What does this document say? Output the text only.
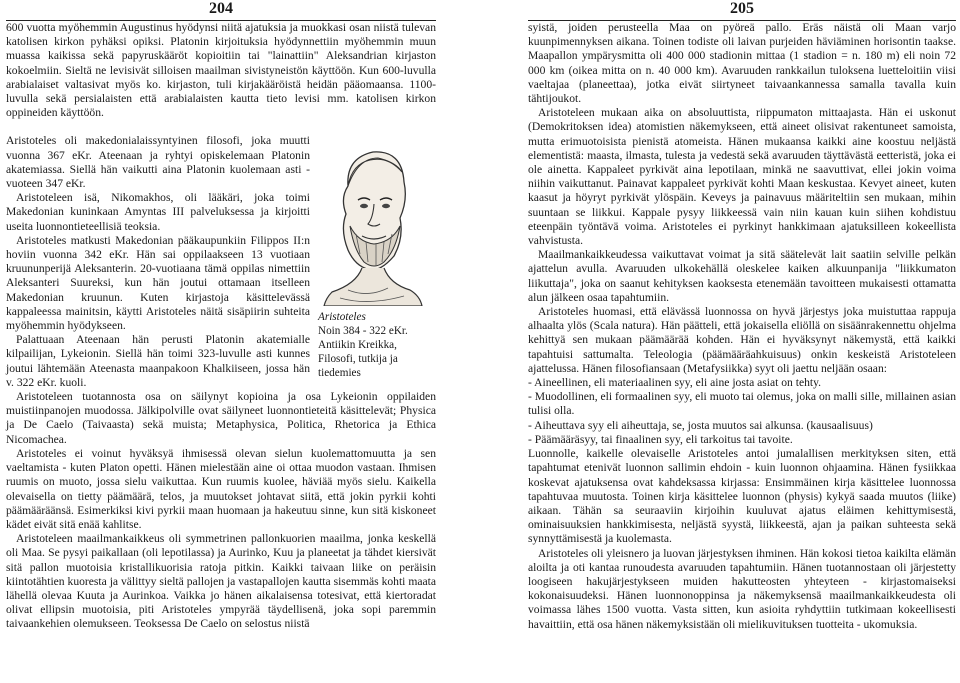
204

600 vuotta myöhemmin Augustinus hyödynsi niitä ajatuksia ja muokkasi osan niistä tulevan katolisen kirkon pyhäksi opiksi. Platonin kirjoituksia hyödynnettiin myöhemmin muun muassa kaikissa sekä papyruskääröt kopioitiin tai "lainattiin" Aleksandrian kirjaston kokoelmiin. Sieltä ne levisivät silloisen maailman sivistyneistön käyttöön. Kun 600-luvulla arabialaiset valtasivat myös ko. kirjaston, tuli kirjakääröistä heidän pääomaansa. 1100-luvulla sekä persialaisten että arabialaisten kautta tieto levisi mm. katolisen kirkon oppineiden käyttöön.

Aristoteles
Noin 384 - 322 eKr.
Antiikin Kreikka,
Filosofi, tutkija ja
tiedemies

Aristoteles oli makedonialaissyntyinen filosofi, joka muutti vuonna 367 eKr. Ateenaan ja ryhtyi opiskelemaan Platonin akatemiassa. Siellä hän vaikutti aina Platonin kuolemaan asti - vuoteen 347 eKr.

Aristoteleen isä, Nikomakhos, oli lääkäri, joka toimi Makedonian kuninkaan Amyntas III palveluksessa ja kirjoitti useita luonnontieteellisiä teoksia.

Aristoteles matkusti Makedonian pääkaupunkiin Filippos II:n hoviin vuonna 342 eKr. Hän sai oppilaakseen 13 vuotiaan kruununperijä Aleksanterin. 20-vuotiaana tämä oppilas nimettiin Aleksanteri Suureksi, kun hän joutui ottamaan itselleen Makedonian kruunun. Kuten kirjastoja käsittelevässä kappaleessa mainitsin, käytti Aristoteles näitä sisäpiirin suhteita myöhemmin hyödykseen.

Palattuaan Ateenaan hän perusti Platonin akatemialle kilpailijan, Lykeionin. Siellä hän toimi 323-luvulle asti kunnes joutui lähtemään Ateenasta maanpakoon Khalkiiseen, jossa hän v. 322 eKr. kuoli.

Aristoteleen tuotannosta osa on säilynyt kopioina ja osa Lykeionin oppilaiden muistiinpanojen muodossa. Jälkipolville ovat säilyneet luonnontieteitä käsittelevät; Physica ja De Caelo (Taivaasta) sekä muista; Metaphysica, Politica, Rhetorica ja Ethica Nicomachea.

Aristoteles ei voinut hyväksyä ihmisessä olevan sielun kuolemattomuutta ja sen vaeltamista - kuten Platon opetti. Hänen mielestään aine oi ottaa muodon vastaan. Ihmisen ruumis on muoto, jossa sielu vaikuttaa. Kun ruumis kuolee, häviää myös sielu. Kaikella olevaisella on tietty päämäärä, telos, ja muutokset johtavat siitä, että jokin pyrkii kohti päämääräänsä. Esimerkiksi kivi pyrkii maan huomaan ja hakeutuu sinne, kun sitä kiskoneet kädet eivät sitä enää kahlitse.

Aristoteleen maailmankaikkeus oli symmetrinen pallonkuorien maailma, jonka keskellä oli Maa. Se pysyi paikallaan (oli lepotilassa) ja Aurinko, Kuu ja planeetat ja tähdet kiersivät sitä pallon muotoisia kristallikuorisia ratoja pitkin. Kaikki taivaan liike on peräisin kiintotähtien kuoresta ja välittyy sieltä pallojen ja vastapallojen kautta sisemmäs kohti maata lähellä olevaa Kuuta ja Aurinkoa. Vaikka jo hänen aikalaisensa totesivat, että kiertoradat olivat ellipsin muotoisia, piti Aristoteles ympyrää täydellisenä, joka sopi paremmin taivaankehien olemukseen. Teoksessa De Caelo on selostus niistä

205

syistä, joiden perusteella Maa on pyöreä pallo. Eräs näistä oli Maan varjo kuunpimennyksen aikana. Toinen todiste oli laivan purjeiden häviäminen horisontin taakse. Maapallon ympärysmitta oli 400 000 stadionin mittaa (1 stadion = n. 180 m) eli noin 72 000 km (oikea mitta on n. 40 000 km). Avaruuden rankkailun tuloksena luetteloitiin viisi vaeltajaa (planeettaa), jotka eivät siirtyneet taivaankannessa samalla tavalla kuin tähtijoukot.

Aristoteleen mukaan aika on absoluuttista, riippumaton mittaajasta. Hän ei uskonut (Demokritoksen idea) atomistien näkemykseen, että aineet olisivat rakentuneet samoista, mutta erimuotoisista pienistä atomeista. Hänen mukaansa kaikki aine koostuu neljästä elementistä: maasta, ilmasta, tulesta ja vedestä sekä avaruuden täyttävästä eetteristä, joka ei ole ainetta. Kappaleet pyrkivät aina lepotilaan, minkä ne saavuttivat, ellei jokin voima niihin vaikuttanut. Painavat kappaleet pyrkivät kohti Maan keskustaa. Kevyet aineet, kuten kaasut ja höyryt pyrkivät ylöspäin. Keveys ja painavuus määriteltiin sen mukaan, mihin suuntaan se liikkui. Kappale pysyy liikkeessä vain niin kauan kuin siihen kohdistuu eteenpäin työntävä voima. Aristoteles ei pyrkinyt hankkimaan ajatuksilleen kokeellista vahvistusta.

Maailmankaikkeudessa vaikuttavat voimat ja sitä säätelevät lait saatiin selville pelkän ajattelun avulla. Avaruuden ulkokehällä oleskelee kaiken alkuunpanija "liikkumaton liikuttaja", joka on saanut kehityksen kaoksesta etenemään tavoitteen mukaisesti ottamatta alun jälkeen osaa tapahtumiin.

Aristoteles huomasi, että elävässä luonnossa on hyvä järjestys joka muistuttaa rappuja alhaalta ylös (Scala natura). Hän päätteli, että jokaisella eliöllä on sisäänrakennettu ohjelma kehittyä sen mukaan päämäärää kohden. Hän ei hyväksynyt näkemystä, että kaikki tapahtuisi sattumalta. Teleologia (päämääräahkuisuus) onkin keskeistä Aristoteleen ajattelussa. Hänen filosofiansaan (Metafysiikka) syyt oli jaettu neljään osaan:

- Aineellinen, eli materiaalinen syy, eli aine josta asiat on tehty.

- Muodollinen, eli formaalinen syy, eli muoto tai olemus, joka on malli sille, millainen asian tulisi olla.

- Aiheuttava syy eli aiheuttaja, se, josta muutos sai alkunsa. (kausaalisuus)

- Päämääräsyy, tai finaalinen syy, eli tarkoitus tai tavoite.

Luonnolle, kaikelle olevaiselle Aristoteles antoi jumalallisen merkityksen siten, että tapahtumat etenivät luonnon sallimin ehdoin - kuin luonnon ohjaamina. Hänen fysiikkaa koskevat ajatuksensa ovat kahdeksassa kirjassa: Ensimmäinen kirja käsittelee luonnossa tapahtuvaa muutosta. Toinen kirja käsittelee luonnon (physis) kykyä saada muutos (liike) aikaan. Tähän sa seuraaviin kirjoihin kuuluvat ajatus eläimen kehittymisestä, ominaisuuksien hankkimisesta, neljästä syystä, liikkeestä, ajan ja paikan suhteesta sekä synnyttämisestä ja kuolemasta.

Aristoteles oli yleisnero ja luovan järjestyksen ihminen. Hän kokosi tietoa kaikilta elämän aloilta ja oti kantaa runoudesta avaruuden tapahtumiin. Hänen tuotannostaan oli järjestetty loogiseen hakujärjestykseen muiden hakutteosten yhteyteen - kirjastomaiseksi kokonaisuudeksi. Hänen luonnonoppinsa ja näkemyksensä maailmankaikkeudesta oli voimassa lähes 1500 vuotta. Vasta sitten, kun asioita ryhdyttiin tutkimaan kokeellisesti havaittiin, että osa hänen näkemyksistään oli mielikuvituksen tuotteita - ukomuksia.
